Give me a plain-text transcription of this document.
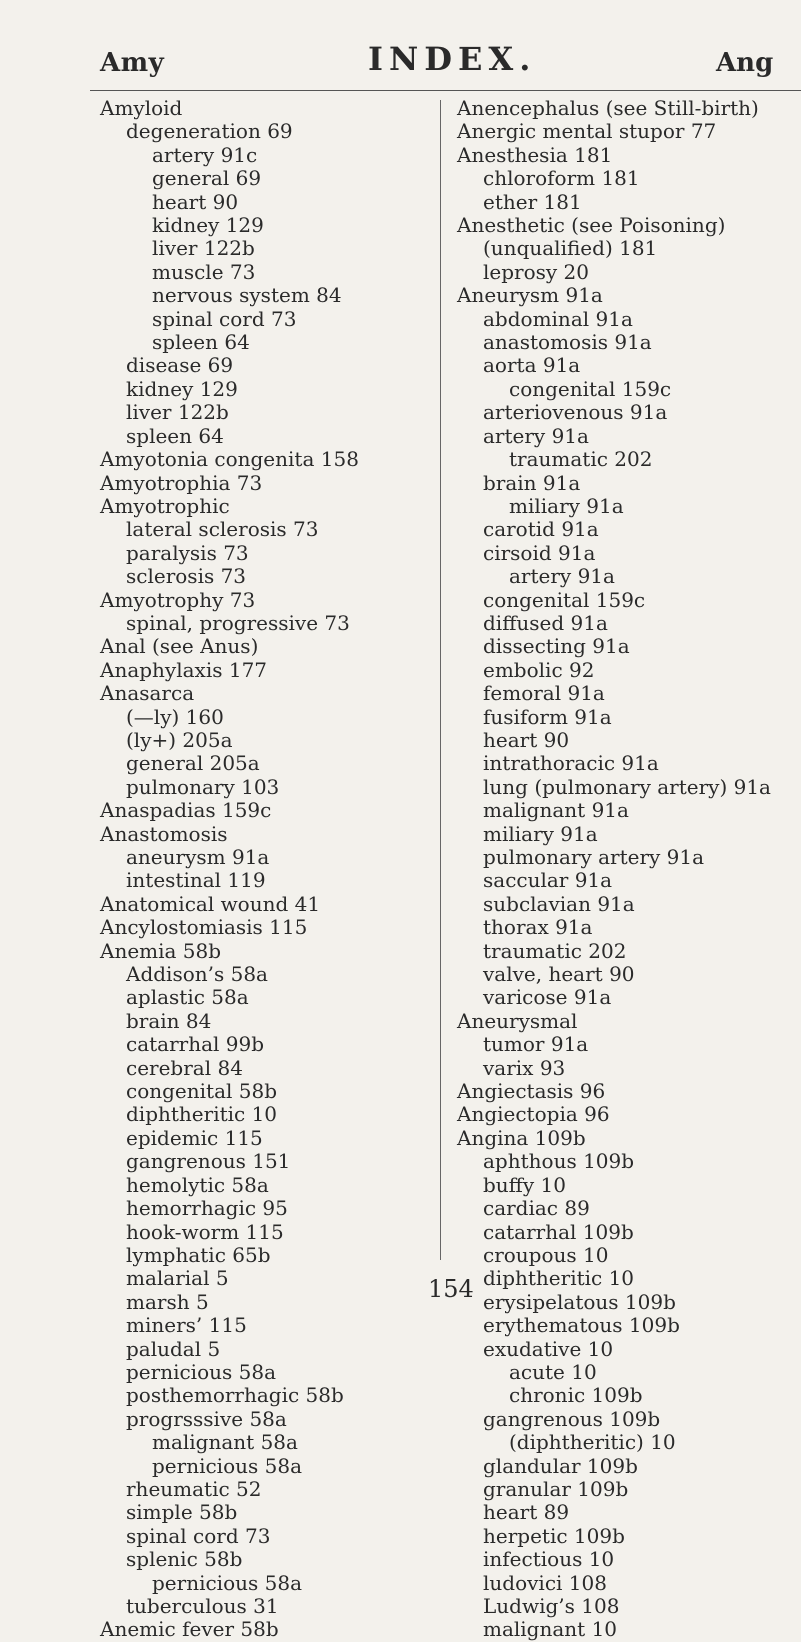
Amy	INDEX.	Ang
Amyloid
degeneration 69
artery 91c
general 69
heart 90
kidney 129
liver 122b
muscle 73
nervous system 84
spinal cord 73
spleen 64
disease 69
kidney 129
liver 122b
spleen 64
Amyotonia congenita 158
Amyotrophia 73
Amyotrophic
lateral sclerosis 73
paralysis 73
sclerosis 73
Amyotrophy 73
spinal, progressive 73
Anal (see Anus)
Anaphylaxis 177
Anasarca
(—ly) 160
(ly+) 205a
general 205a
pulmonary 103
Anaspadias 159c
Anastomosis
aneurysm 91a
intestinal 119
Anatomical wound 41
Ancylostomiasis 115
Anemia 58b
Addison’s 58a
aplastic 58a
brain 84
catarrhal 99b
cerebral 84
congenital 58b
diphtheritic 10
epidemic 115
gangrenous 151
hemolytic 58a
hemorrhagic 95
hook-worm 115
lymphatic 65b
malarial 5
marsh 5
miners’ 115
paludal 5
pernicious 58a
posthemorrhagic 58b
progrsssive 58a
malignant 58a
pernicious 58a
rheumatic 52
simple 58b
spinal cord 73
splenic 58b
pernicious 58a
tuberculous 31
Anemic fever 58b
Anencephalus (see Still-birth)
Anergic mental stupor 77
Anesthesia 181
chloroform 181
ether 181
Anesthetic (see Poisoning)
(unqualified) 181
leprosy 20
Aneurysm 91a
abdominal 91a
anastomosis 91a
aorta 91a
congenital 159c
arteriovenous 91a
artery 91a
traumatic 202
brain 91a
miliary 91a
carotid 91a
cirsoid 91a
artery 91a
congenital 159c
diffused 91a
dissecting 91a
embolic 92
femoral 91a
fusiform 91a
heart 90
intrathoracic 91a
lung (pulmonary artery) 91a
malignant 91a
miliary 91a
pulmonary artery 91a
saccular 91a
subclavian 91a
thorax 91a
traumatic 202
valve, heart 90
varicose 91a
Aneurysmal
tumor 91a
varix 93
Angiectasis 96
Angiectopia 96
Angina 109b
aphthous 109b
buffy 10
cardiac 89
catarrhal 109b
croupous 10
diphtheritic 10
erysipelatous 109b
erythematous 109b
exudative 10
acute 10
chronic 109b
gangrenous 109b
(diphtheritic) 10
glandular 109b
granular 109b
heart 89
herpetic 109b
infectious 10
ludovici 108
Ludwig’s 108
malignant 10
154
